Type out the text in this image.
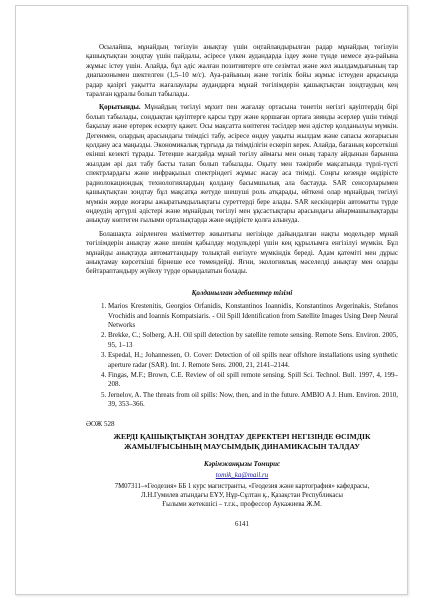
Осылайша, мұнайдың төгілуін анықтау үшін оңтайландырылған радар мұнайдың төгілуін қашықтықтан зондтау үшін пайдалы, әсіресе үлкен аудандарда іздеу жөне түнде немесе ауа-райына жұмыс істеу үшін. Алайда, бұл әдіс жалған позитивтерге өте сезімтал және жел жылдамдығының тар диапазонымен шектелген (1,5–10 м/с). Ауа-райының және төгілік бойы жұмыс істеуден арқасында радар қазіргі уақытта жағалаулары аудандарға мұнай төгілімдерін қашықтықтан зондтаудың кең таралған құралы болып табылады.

Қорытынды. Мұнайдың төгілуі мұхит пен жағалау ортасына төнетін негізгі қауіптердің бірі болып табылады, сондықтан қауіптерге қарсы тұру және қоршаған ортаға зиянды әсерлер үшін тиімді бақылау және ертерек ескерту қажет. Осы мақсатта көптеген тәсілдер мен әдістер қолданылуы мүмкін. Дегенмен, олардың арасындағы тиімдісі табу, әсіресе өндеу уақыты жылдам және сапасы жоғарысын қолдану аса маңызды. Экономикалық тұрғыда да тиімділігін ескеріп керек. Алайда, бағаның көрсеткіші екінші кезекті тұрады. Тетеңше жағдайда мұнай төгілу аймағы мен оның таралу айдынын барынша жылдам әрі дал табу басты талап болып табылады. Оқыту мен тәжірибе мақсатында түрлі-түсті спектрлардағы және инфрақызыл спектріндегі жұмыс жасау аса тиімді. Соңғы кезеңде өңдірісте радиолокациондық технологиялардың қолдану басымшылық ала бастауда. SAR сенсорларымен қашықтықтан зондтау бұл мақсатқа жетуде шешуші роль атқарады, өйткені олар мұнайдың төгілуі мүмкін жерде жоғары ажыратымдылықтағы суреттерді бере алады. SAR кескіндерін автоматты түрде өңдеудің әртүрлі әдістері және мұнайдың төгілуі мен ұқсастықтары арасындағы айырмашылықтарды анықтау көптеген ғылыми орталықтарда және өңдірісте қолға алынуда.

Болашақта әзірленген мәліметтер жиынтығы негізінде дайындалған нақты модельдер мұнай төгілімдерін анықтау және шешім қабылдау модульдері үшін кең құрылымға енгізілуі мүмкін. Бұл мұнайды анықтауда автоматтандыру толықтай енгізуге мүмкіндік береді. Адам қатеміті мен дұрыс анықтамау көрсеткіші бірнеше есе төмендейді. Яғни, экологиялық мәселелді анықтау мен оларды бейтараптандыру жүйелу түрде орындалатын болады.

Қолданылған әдебиеттер тізімі
1. Marios Krestenitis, Georgios Orfanidis, Konstantinos Ioannidis, Konstantinos Avgerinakis, Stefanos Vrochidis and Ioannis Kompatsiaris. - Oil Spill Identification from Satellite Images Using Deep Neural Networks
2. Brekke, C.; Solberg, A.H. Oil spill detection by satellite remote sensing. Remote Sens. Environ. 2005, 95, 1–13
3. Espedal, H.; Johannessen, O. Cover: Detection of oil spills near offshore installations using synthetic aperture radar (SAR). Int. J. Remote Sens. 2000, 21, 2141–2144.
4. Fingas, M.F.; Brown, C.E. Review of oil spill remote sensing. Spill Sci. Technol. Bull. 1997, 4, 199–208.
5. Jernelov, A. The threats from oil spills: Now, then, and in the future. AMBIO A J. Hum. Environ. 2010, 39, 353–366.
ӘОЖ 528

ЖЕРДІ ҚАШЫҚТЫҚТАН ЗОНДТАУ ДЕРЕКТЕРІ НЕГІЗІНДЕ ӨСІМДІК ЖАМЫЛҒЫСЫНЫҢ МАУСЫМДЫҚ ДИНАМИКАСЫН ТАЛДАУ

Кәрімжанқызы Томирис
tomik_ka@mail.ru

7М07311–«Геодезия» ББ 1 курс магистранты, «Геодезия және картография» кафедрасы,

Л.Н.Гумилев атындағы ЕҰУ, Нұр-Сұлтан қ., Қазақстан Республикасы

Ғылыми жетекшісі – т.г.к., профессор Аукажиева Ж.М.

6141
